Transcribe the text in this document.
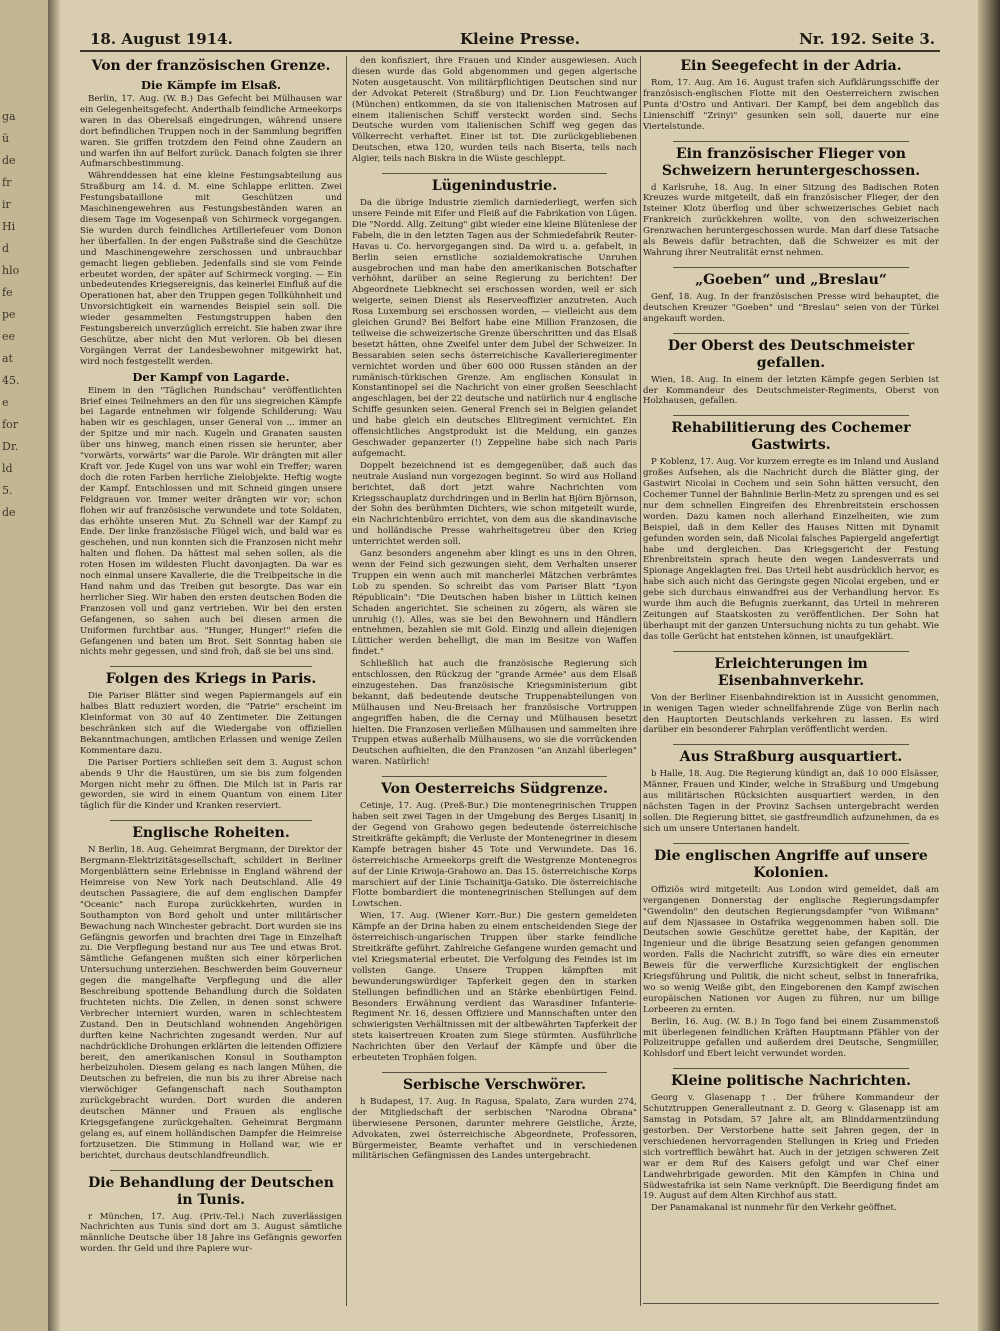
ga
ü
de
fr
ir
Hi
d
hlo
fe
pe
ee
at
45.
e
for
Dr.
ld
5.
de
18. August 1914.	Kleine Presse.	Nr. 192. Seite 3.
Von der französischen Grenze.
Die Kämpfe im Elsaß.

Berlin, 17. Aug. (W. B.) Das Gefecht bei Mülhausen war ein Gelegenheitsgefecht. Anderthalb feindliche Armeekorps waren in das Oberelsaß eingedrungen, während unsere dort befindlichen Truppen noch in der Sammlung begriffen waren. Sie griffen trotzdem den Feind ohne Zaudern an und warfen ihn auf Belfort zurück. Danach folgten sie ihrer Aufmarschbestimmung.

Währenddessen hat eine kleine Festungsabteilung aus Straßburg am 14. d. M. eine Schlappe erlitten. Zwei Festungsbataillone mit Geschützen und Maschinengewehren aus Festungsbeständen waren an diesem Tage im Vogesenpaß von Schirmeck vorgegangen. Sie wurden durch feindliches Artilleriefeuer vom Donon her überfallen. In der engen Paßstraße sind die Geschütze und Maschinengewehre zerschossen und unbrauchbar gemacht liegen geblieben. Jedenfalls sind sie vom Feinde erbeutet worden, der später auf Schirmeck vorging. — Ein unbedeutendes Kriegsereignis, das keinerlei Einfluß auf die Operationen hat, aber den Truppen gegen Tollkühnheit und Unvorsichtigkeit ein warnendes Beispiel sein soll. Die wieder gesammelten Festungstruppen haben den Festungsbereich unverzüglich erreicht. Sie haben zwar ihre Geschütze, aber nicht den Mut verloren. Ob bei diesen Vorgängen Verrat der Landesbewohner mitgewirkt hat, wird noch festgestellt werden.

Der Kampf von Lagarde.

Einem in den "Täglichen Rundschau" veröffentlichten Brief eines Teilnehmers an den für uns siegreichen Kämpfe bei Lagarde entnehmen wir folgende Schilderung: Wau haben wir es geschlagen, unser General von ... immer an der Spitze und mir nach. Kugeln und Granaten sausten über uns hinweg, manch einen rissen sie herunter, aber "vorwärts, vorwärts" war die Parole. Wir drängten mit aller Kraft vor. Jede Kugel von uns war wohl ein Treffer; waren doch die roten Farben herrliche Zielobjekte. Heftig wogte der Kampf. Entschlossen und mit Schneid gingen unsere Feldgrauen vor. Immer weiter drängten wir vor; schon flohen wir auf französische verwundete und tote Soldaten, das erhöhte unseren Mut. Zu Schnell war der Kampf zu Ende. Der linke französische Flügel wich, und bald war es geschehen, und nun konnten sich die Franzosen nicht mehr halten und flohen. Da hättest mal sehen sollen, als die roten Hosen im wildesten Flucht davonjagten. Da war es noch einmal unsere Kavallerie, die die Treibpeitsche in die Hand nahm und das Treiben gut besorgte. Das war ein herrlicher Sieg. Wir haben den ersten deutschen Boden die Franzosen voll und ganz vertrieben. Wir bei den ersten Gefangenen, so sahen auch bei diesen armen die Uniformen furchtbar aus. "Hunger, Hunger!" riefen die Gefangenen und baten um Brot. Seit Sonntag haben sie nichts mehr gegessen, und sind froh, daß sie bei uns sind.

Folgen des Kriegs in Paris.

Die Pariser Blätter sind wegen Papiermangels auf ein halbes Blatt reduziert worden, die "Patrie" erscheint im Kleinformat von 30 auf 40 Zentimeter. Die Zeitungen beschränken sich auf die Wiedergabe von offiziellen Bekanntmachungen, amtlichen Erlassen und wenige Zeilen Kommentare dazu.

Die Pariser Portiers schließen seit dem 3. August schon abends 9 Uhr die Haustüren, um sie bis zum folgenden Morgen nicht mehr zu öffnen. Die Milch ist in Paris rar geworden, sie wird in einem Quantum von einem Liter täglich für die Kinder und Kranken reserviert.

Englische Roheiten.

N Berlin, 18. Aug. Geheimrat Bergmann, der Direktor der Bergmann-Elektrizitätsgesellschaft, schildert in Berliner Morgenblättern seine Erlebnisse in England während der Heimreise von New York nach Deutschland. Alle 49 deutschen Passagiere, die auf dem englischen Dampfer "Oceanic" nach Europa zurückkehrten, wurden in Southampton von Bord geholt und unter militärischer Bewachung nach Winchester gebracht. Dort wurden sie ins Gefängnis geworfen und brachten drei Tage in Einzelhaft zu. Die Verpflegung bestand nur aus Tee und etwas Brot. Sämtliche Gefangenen mußten sich einer körperlichen Untersuchung unterziehen. Beschwerden beim Gouverneur gegen die mangelhafte Verpflegung und die aller Beschreibung spottende Behandlung durch die Soldaten fruchteten nichts. Die Zellen, in denen sonst schwere Verbrecher interniert wurden, waren in schlechtestem Zustand. Den in Deutschland wohnenden Angehörigen durften keine Nachrichten zugesandt werden. Nur auf nachdrückliche Drohungen erklärten die leitenden Offiziere bereit, den amerikanischen Konsul in Southampton herbeizuholen. Diesem gelang es nach langen Mühen, die Deutschen zu befreien, die nun bis zu ihrer Abreise nach vierwöchiger Gefangenschaft nach Southampton zurückgebracht wurden. Dort wurden die anderen deutschen Männer und Frauen als englische Kriegsgefangene zurückgehalten. Geheimrat Bergmann gelang es, auf einem holländischen Dampfer die Heimreise fortzusetzen. Die Stimmung in Holland war, wie er berichtet, durchaus deutschlandfreundlich.

Die Behandlung der Deutschen in Tunis.

r München, 17. Aug. (Priv.-Tel.) Nach zuverlässigen Nachrichten aus Tunis sind dort am 3. August sämtliche männliche Deutsche über 18 Jahre ins Gefängnis geworfen worden. Ihr Geld und ihre Papiere wur-

den konfisziert, ihre Frauen und Kinder ausgewiesen. Auch diesen wurde das Gold abgenommen und gegen algerische Noten ausgetauscht. Von militärpflichtigen Deutschen sind nur der Advokat Petereit (Straßburg) und Dr. Lion Feuchtwanger (München) entkommen, da sie von italienischen Matrosen auf einem italienischen Schiff versteckt worden sind. Sechs Deutsche wurden vom italienischen Schiff weg gegen das Völkerrecht verhaftet. Einer ist tot. Die zurückgebliebenen Deutschen, etwa 120, wurden teils nach Biserta, teils nach Algier, teils nach Biskra in die Wüste geschleppt.

Lügenindustrie.

Da die übrige Industrie ziemlich darniederliegt, werfen sich unsere Feinde mit Eifer und Fleiß auf die Fabrikation von Lügen. Die "Nordd. Allg. Zeitung" gibt wieder eine kleine Blütenlese der Fabeln, die in den letzten Tagen aus der Schmiedefabrik Reuter-Havas u. Co. hervorgegangen sind. Da wird u. a. gefabelt, in Berlin seien ernstliche sozialdemokratische Unruhen ausgebrochen und man habe den amerikanischen Botschafter verhöhnt, darüber an seine Regierung zu berichten! Der Abgeordnete Liebknecht sei erschossen worden, weil er sich weigerte, seinen Dienst als Reserveoffizier anzutreten. Auch Rosa Luxemburg sei erschossen worden, — vielleicht aus dem gleichen Grund? Bei Belfort habe eine Million Franzosen, die teilweise die schweizerische Grenze überschritten und das Elsaß besetzt hätten, ohne Zweifel unter dem Jubel der Schweizer. In Bessarabien seien sechs österreichische Kavallerieregimenter vernichtet worden und über 600 000 Russen ständen an der rumänisch-türkischen Grenze. Am englischen Konsulat in Konstantinopel sei die Nachricht von einer großen Seeschlacht angeschlagen, bei der 22 deutsche und natürlich nur 4 englische Schiffe gesunken seien. General French sei in Belgien gelandet und habe gleich ein deutsches Elitregiment vernichtet. Ein offensichtliches Angstprodukt ist die Meldung, ein ganzes Geschwader gepanzerter (!) Zeppeline habe sich nach Paris aufgemacht.

Doppelt bezeichnend ist es demgegenüber, daß auch das neutrale Ausland nun vorgezogen beginnt. So wird aus Holland berichtet, daß dort jetzt wahre Nachrichten vom Kriegsschauplatz durchdringen und in Berlin hat Björn Björnson, der Sohn des berühmten Dichters, wie schon mitgeteilt wurde, ein Nachrichtenbüro errichtet, von dem aus die skandinavische und holländische Presse wahrheitsgetreu über den Krieg unterrichtet werden soll.

Ganz besonders angenehm aber klingt es uns in den Ohren, wenn der Feind sich gezwungen sieht, dem Verhalten unserer Truppen ein wenn auch mit mancherlei Mätzchen verbrämtes Lob zu spenden. So schreibt das vom Pariser Blatt "Lyon Républicain": "Die Deutschen haben bisher in Lüttich keinen Schaden angerichtet. Sie scheinen zu zögern, als wären sie unruhig (!). Alles, was sie bei den Bewohnern und Händlern entnehmen, bezahlen sie mit Gold. Einzig und allein diejenigen Lütticher werden behelligt, die man im Besitze von Waffen findet."

Schließlich hat auch die französische Regierung sich entschlossen, den Rückzug der "grande Armée" aus dem Elsaß einzugestehen. Das französische Kriegsministerium gibt bekannt, daß bedeutende deutsche Truppenabteilungen von Mülhausen und Neu-Breisach her französische Vortruppen angegriffen haben, die die Cernay und Mülhausen besetzt hielten. Die Franzosen verließen Mülhausen und sammelten ihre Truppen etwas außerhalb Mülhausens, wo sie die vorrückenden Deutschen aufhielten, die den Franzosen "an Anzahl überlegen" waren. Natürlich!

Von Oesterreichs Südgrenze.

Cetinje, 17. Aug. (Preß-Bur.) Die montenegrinischen Truppen haben seit zwei Tagen in der Umgebung des Berges Lisanitj in der Gegend von Grahowo gegen bedeutende österreichische Streitkräfte gekämpft; die Verluste der Montenegriner in diesem Kampfe betragen bisher 45 Tote und Verwundete. Das 16. österreichische Armeekorps greift die Westgrenze Montenegros auf der Linie Kriwoja-Grahowo an. Das 15. österreichische Korps marschiert auf der Linie Tschainitja-Gatsko. Die österreichische Flotte bombardiert die montenegrinischen Stellungen auf dem Lowtschen.

Wien, 17. Aug. (Wiener Korr.-Bur.) Die gestern gemeldeten Kämpfe an der Drina haben zu einem entscheidenden Siege der österreichisch-ungarischen Truppen über starke feindliche Streitkräfte geführt. Zahlreiche Gefangene wurden gemacht und viel Kriegsmaterial erbeutet. Die Verfolgung des Feindes ist im vollsten Gange. Unsere Truppen kämpften mit bewunderungswürdiger Tapferkeit gegen den in starken Stellungen befindlichen und an Stärke ebenbürtigen Feind. Besonders Erwähnung verdient das Warasdiner Infanterie-Regiment Nr. 16, dessen Offiziere und Mannschaften unter den schwierigsten Verhältnissen mit der altbewährten Tapferkeit der stets kaisertreuen Kroaten zum Siege stürmten. Ausführliche Nachrichten über den Verlauf der Kämpfe und über die erbeuteten Trophäen folgen.

Serbische Verschwörer.

h Budapest, 17. Aug. In Ragusa, Spalato, Zara wurden 274, der Mitgliedschaft der serbischen "Narodna Obrana" überwiesene Personen, darunter mehrere Geistliche, Ärzte, Advokaten, zwei österreichische Abgeordnete, Professoren, Bürgermeister, Beamte verhaftet und in verschiedenen militärischen Gefängnissen des Landes untergebracht.

Ein Seegefecht in der Adria.

Rom, 17. Aug. Am 16. August trafen sich Aufklärungsschiffe der französisch-englischen Flotte mit den Oesterreichern zwischen Punta d'Ostro und Antivari. Der Kampf, bei dem angeblich das Linienschiff "Zrinyi" gesunken sein soll, dauerte nur eine Viertelstunde.

Ein französischer Flieger von Schweizern heruntergeschossen.

d Karlsruhe, 18. Aug. In einer Sitzung des Badischen Roten Kreuzes wurde mitgeteilt, daß ein französischer Flieger, der den Isteiner Klotz überflog und über schweizerisches Gebiet nach Frankreich zurückkehren wollte, von den schweizerischen Grenzwachen heruntergeschossen wurde. Man darf diese Tatsache als Beweis dafür betrachten, daß die Schweizer es mit der Wahrung ihrer Neutralität ernst nehmen.

„Goeben“ und „Breslau“

Genf, 18. Aug. In der französischen Presse wird behauptet, die deutschen Kreuzer "Goeben" und "Breslau" seien von der Türkei angekauft worden.

Der Oberst des Deutschmeister gefallen.

Wien, 18. Aug. In einem der letzten Kämpfe gegen Serbien ist der Kommandeur des Deutschmeister-Regiments, Oberst von Holzhausen, gefallen.

Rehabilitierung des Cochemer Gastwirts.

P Koblenz, 17. Aug. Vor kurzem erregte es im Inland und Ausland großes Aufsehen, als die Nachricht durch die Blätter ging, der Gastwirt Nicolai in Cochem und sein Sohn hätten versucht, den Cochemer Tunnel der Bahnlinie Berlin-Metz zu sprengen und es sei nur dem schnellen Eingreifen des Ehrenbreitstein erschossen worden. Dazu kamen noch allerhand Einzelheiten, wie zum Beispiel, daß in dem Keller des Hauses Nitten mit Dynamit gefunden worden sein, daß Nicolai falsches Papiergeld angefertigt habe und dergleichen. Das Kriegsgericht der Festung Ehrenbreitstein sprach heute den wegen Landesverrats und Spionage Angeklagten frei. Das Urteil hebt ausdrücklich hervor, es habe sich auch nicht das Geringste gegen Nicolai ergeben, und er gebe sich durchaus einwandfrei aus der Verhandlung hervor. Es wurde ihm auch die Befugnis zuerkannt, das Urteil in mehreren Zeitungen auf Staatskosten zu veröffentlichen. Der Sohn hat überhaupt mit der ganzen Untersuchung nichts zu tun gehabt. Wie das tolle Gerücht hat entstehen können, ist unaufgeklärt.

Erleichterungen im Eisenbahnverkehr.

Von der Berliner Eisenbahndirektion ist in Aussicht genommen, in wenigen Tagen wieder schnellfahrende Züge von Berlin nach den Hauptorten Deutschlands verkehren zu lassen. Es wird darüber ein besonderer Fahrplan veröffentlicht werden.

Aus Straßburg ausquartiert.

b Halle, 18. Aug. Die Regierung kündigt an, daß 10 000 Elsässer, Männer, Frauen und Kinder, welche in Straßburg und Umgebung aus militärischen Rücksichten ausquartiert werden, in den nächsten Tagen in der Provinz Sachsen untergebracht werden sollen. Die Regierung bittet, sie gastfreundlich aufzunehmen, da es sich um unsere Unterianen handelt.

Die englischen Angriffe auf unsere Kolonien.

Offiziös wird mitgeteilt: Aus London wird gemeldet, daß am vergangenen Donnerstag der englische Regierungsdampfer "Gwendolin" den deutschen Regierungsdampfer "von Wißmann" auf dem Njassasee in Ostafrika weggenommen haben soll. Die Deutschen sowie Geschütze gerettet habe, der Kapitän, der Ingenieur und die übrige Besatzung seien gefangen genommen worden. Falls die Nachricht zutrifft, so wäre dies ein erneuter Beweis für die verwerfliche Kurzsichtigkeit der englischen Kriegsführung und Politik, die nicht scheut, selbst in Innerafrika, wo so wenig Weiße gibt, den Eingeborenen den Kampf zwischen europäischen Nationen vor Augen zu führen, nur um billige Lorbeeren zu ernten.

Berlin, 16. Aug. (W. B.) In Togo fand bei einem Zusammenstoß mit überlegenen feindlichen Kräften Hauptmann Pfähler von der Polizeitruppe gefallen und außerdem drei Deutsche, Sengmüller, Kohlsdorf und Ebert leicht verwundet worden.

Kleine politische Nachrichten.

Georg v. Glasenapp †. Der frühere Kommandeur der Schutztruppen Generalleutnant z. D. Georg v. Glasenapp ist am Samstag in Potsdam, 57 Jahre alt, am Blinddarmentzündung gestorben. Der Verstorbene hatte seit Jahren gegen, der in verschiedenen hervorragenden Stellungen in Krieg und Frieden sich vortrefflich bewährt hat. Auch in der jetzigen schweren Zeit war er dem Ruf des Kaisers gefolgt und war Chef einer Landwehrbrigade geworden. Mit den Kämpfen in China und Südwestafrika ist sein Name verknüpft. Die Beerdigung findet am 19. August auf dem Alten Kirchhof aus statt.

Der Panamakanal ist nunmehr für den Verkehr geöffnet.
